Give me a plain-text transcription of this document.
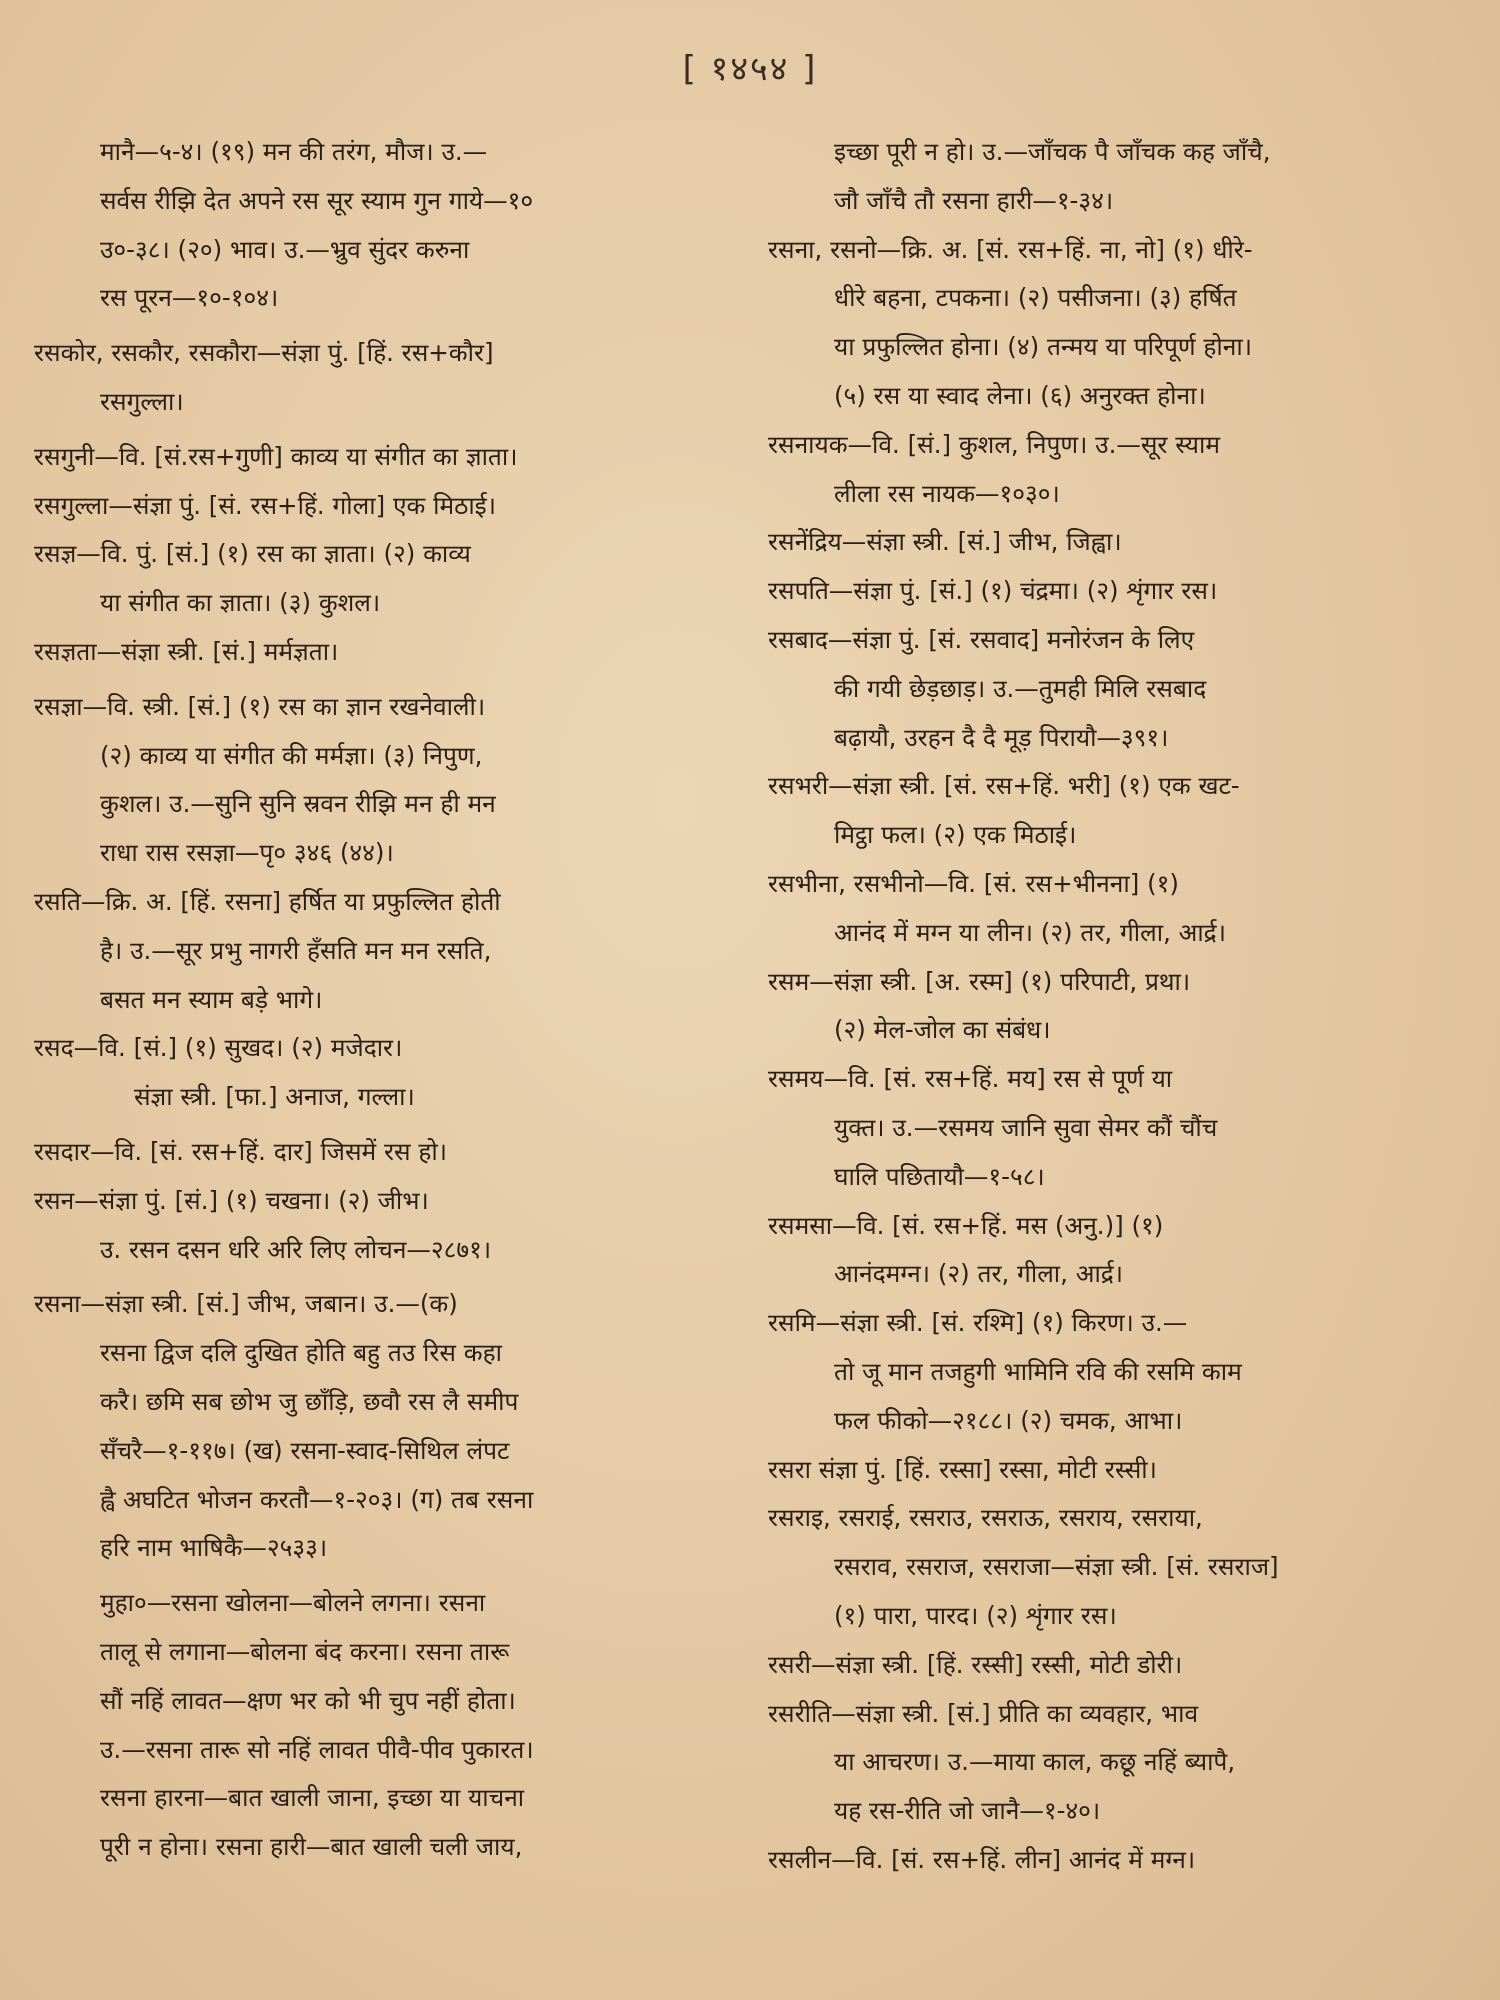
[ १४५४ ]
मानै—५-४। (१९) मन की तरंग, मौज। उ.—
सर्वस रीझि देत अपने रस सूर स्याम गुन गाये—१०
उ०-३८। (२०) भाव। उ.—भ्रुव सुंदर करुना
रस पूरन—१०-१०४।
रसकोर, रसकौर, रसकौरा—संज्ञा पुं. [हिं. रस+कौर]
रसगुल्ला।
रसगुनी—वि. [सं.रस+गुणी] काव्य या संगीत का ज्ञाता।
रसगुल्ला—संज्ञा पुं. [सं. रस+हिं. गोला] एक मिठाई।
रसज्ञ—वि. पुं. [सं.] (१) रस का ज्ञाता। (२) काव्य
या संगीत का ज्ञाता। (३) कुशल।
रसज्ञता—संज्ञा स्त्री. [सं.] मर्मज्ञता।
रसज्ञा—वि. स्त्री. [सं.] (१) रस का ज्ञान रखनेवाली।
(२) काव्य या संगीत की मर्मज्ञा। (३) निपुण,
कुशल। उ.—सुनि सुनि स्रवन रीझि मन ही मन
राधा रास रसज्ञा—पृ० ३४६ (४४)।
रसति—क्रि. अ. [हिं. रसना] हर्षित या प्रफुल्लित होती
है। उ.—सूर प्रभु नागरी हँसति मन मन रसति,
बसत मन स्याम बड़े भागे।
रसद—वि. [सं.] (१) सुखद। (२) मजेदार।
संज्ञा स्त्री. [फा.] अनाज, गल्ला।
रसदार—वि. [सं. रस+हिं. दार] जिसमें रस हो।
रसन—संज्ञा पुं. [सं.] (१) चखना। (२) जीभ।
उ. रसन दसन धरि अरि लिए लोचन—२८७१।
रसना—संज्ञा स्त्री. [सं.] जीभ, जबान। उ.—(क)
रसना द्विज दलि दुखित होति बहु तउ रिस कहा
करै। छमि सब छोभ जु छाँड़ि, छवौ रस लै समीप
सँचरै—१-११७। (ख) रसना-स्वाद-सिथिल लंपट
ह्वै अघटित भोजन करतौ—१-२०३। (ग) तब रसना
हरि नाम भाषिकै—२५३३।
मुहा०—रसना खोलना—बोलने लगना। रसना
तालू से लगाना—बोलना बंद करना। रसना तारू
सौं नहिं लावत—क्षण भर को भी चुप नहीं होता।
उ.—रसना तारू सो नहिं लावत पीवै-पीव पुकारत।
रसना हारना—बात खाली जाना, इच्छा या याचना
पूरी न होना। रसना हारी—बात खाली चली जाय,
इच्छा पूरी न हो। उ.—जाँचक पै जाँचक कह जाँचै,
जौ जाँचै तौ रसना हारी—१-३४।
रसना, रसनो—क्रि. अ. [सं. रस+हिं. ना, नो] (१) धीरे-
धीरे बहना, टपकना। (२) पसीजना। (३) हर्षित
या प्रफुल्लित होना। (४) तन्मय या परिपूर्ण होना।
(५) रस या स्वाद लेना। (६) अनुरक्त होना।
रसनायक—वि. [सं.] कुशल, निपुण। उ.—सूर स्याम
लीला रस नायक—१०३०।
रसनेंद्रिय—संज्ञा स्त्री. [सं.] जीभ, जिह्वा।
रसपति—संज्ञा पुं. [सं.] (१) चंद्रमा। (२) शृंगार रस।
रसबाद—संज्ञा पुं. [सं. रसवाद] मनोरंजन के लिए
की गयी छेड़छाड़। उ.—तुमही मिलि रसबाद
बढ़ायौ, उरहन दै दै मूड़ पिरायौ—३९१।
रसभरी—संज्ञा स्त्री. [सं. रस+हिं. भरी] (१) एक खट-
मिट्ठा फल। (२) एक मिठाई।
रसभीना, रसभीनो—वि. [सं. रस+भीनना] (१)
आनंद में मग्न या लीन। (२) तर, गीला, आर्द्र।
रसम—संज्ञा स्त्री. [अ. रस्म] (१) परिपाटी, प्रथा।
(२) मेल-जोल का संबंध।
रसमय—वि. [सं. रस+हिं. मय] रस से पूर्ण या
युक्त। उ.—रसमय जानि सुवा सेमर कौं चौंच
घालि पछितायौ—१-५८।
रसमसा—वि. [सं. रस+हिं. मस (अनु.)] (१)
आनंदमग्न। (२) तर, गीला, आर्द्र।
रसमि—संज्ञा स्त्री. [सं. रश्मि] (१) किरण। उ.—
तो जू मान तजहुगी भामिनि रवि की रसमि काम
फल फीको—२१८८। (२) चमक, आभा।
रसरा संज्ञा पुं. [हिं. रस्सा] रस्सा, मोटी रस्सी।
रसराइ, रसराई, रसराउ, रसराऊ, रसराय, रसराया,
रसराव, रसराज, रसराजा—संज्ञा स्त्री. [सं. रसराज]
(१) पारा, पारद। (२) शृंगार रस।
रसरी—संज्ञा स्त्री. [हिं. रस्सी] रस्सी, मोटी डोरी।
रसरीति—संज्ञा स्त्री. [सं.] प्रीति का व्यवहार, भाव
या आचरण। उ.—माया काल, कछू नहिं ब्यापै,
यह रस-रीति जो जानै—१-४०।
रसलीन—वि. [सं. रस+हिं. लीन] आनंद में मग्न।
